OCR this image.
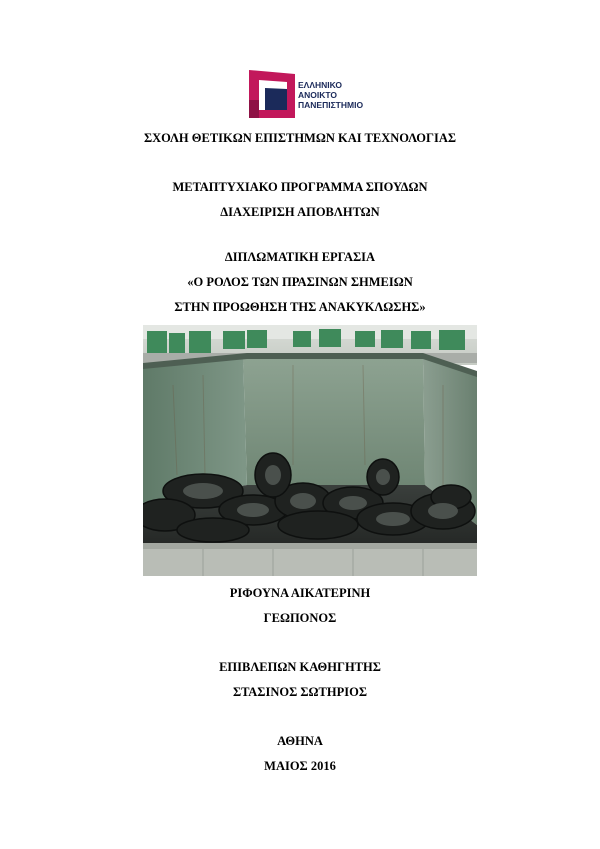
ΕΛΛΗΝΙΚΟ
ΑΝΟΙΚΤΟ
ΠΑΝΕΠΙΣΤΗΜΙΟ
ΣΧΟΛΗ ΘΕΤΙΚΩΝ ΕΠΙΣΤΗΜΩΝ ΚΑΙ ΤΕΧΝΟΛΟΓΙΑΣ
ΜΕΤΑΠΤΥΧΙΑΚΟ ΠΡΟΓΡΑΜΜΑ ΣΠΟΥΔΩΝ
ΔΙΑΧΕΙΡΙΣΗ ΑΠΟΒΛΗΤΩΝ
ΔΙΠΛΩΜΑΤΙΚΗ ΕΡΓΑΣΙΑ
«Ο ΡΟΛΟΣ ΤΩΝ ΠΡΑΣΙΝΩΝ ΣΗΜΕΙΩΝ
ΣΤΗΝ ΠΡΟΩΘΗΣΗ ΤΗΣ ΑΝΑΚΥΚΛΩΣΗΣ»
ΡΙΦΟΥΝΑ ΑΙΚΑΤΕΡΙΝΗ
ΓΕΩΠΟΝΟΣ
ΕΠΙΒΛΕΠΩΝ ΚΑΘΗΓΗΤΗΣ
ΣΤΑΣΙΝΟΣ ΣΩΤΗΡΙΟΣ
ΑΘΗΝΑ
ΜΑΙΟΣ 2016
